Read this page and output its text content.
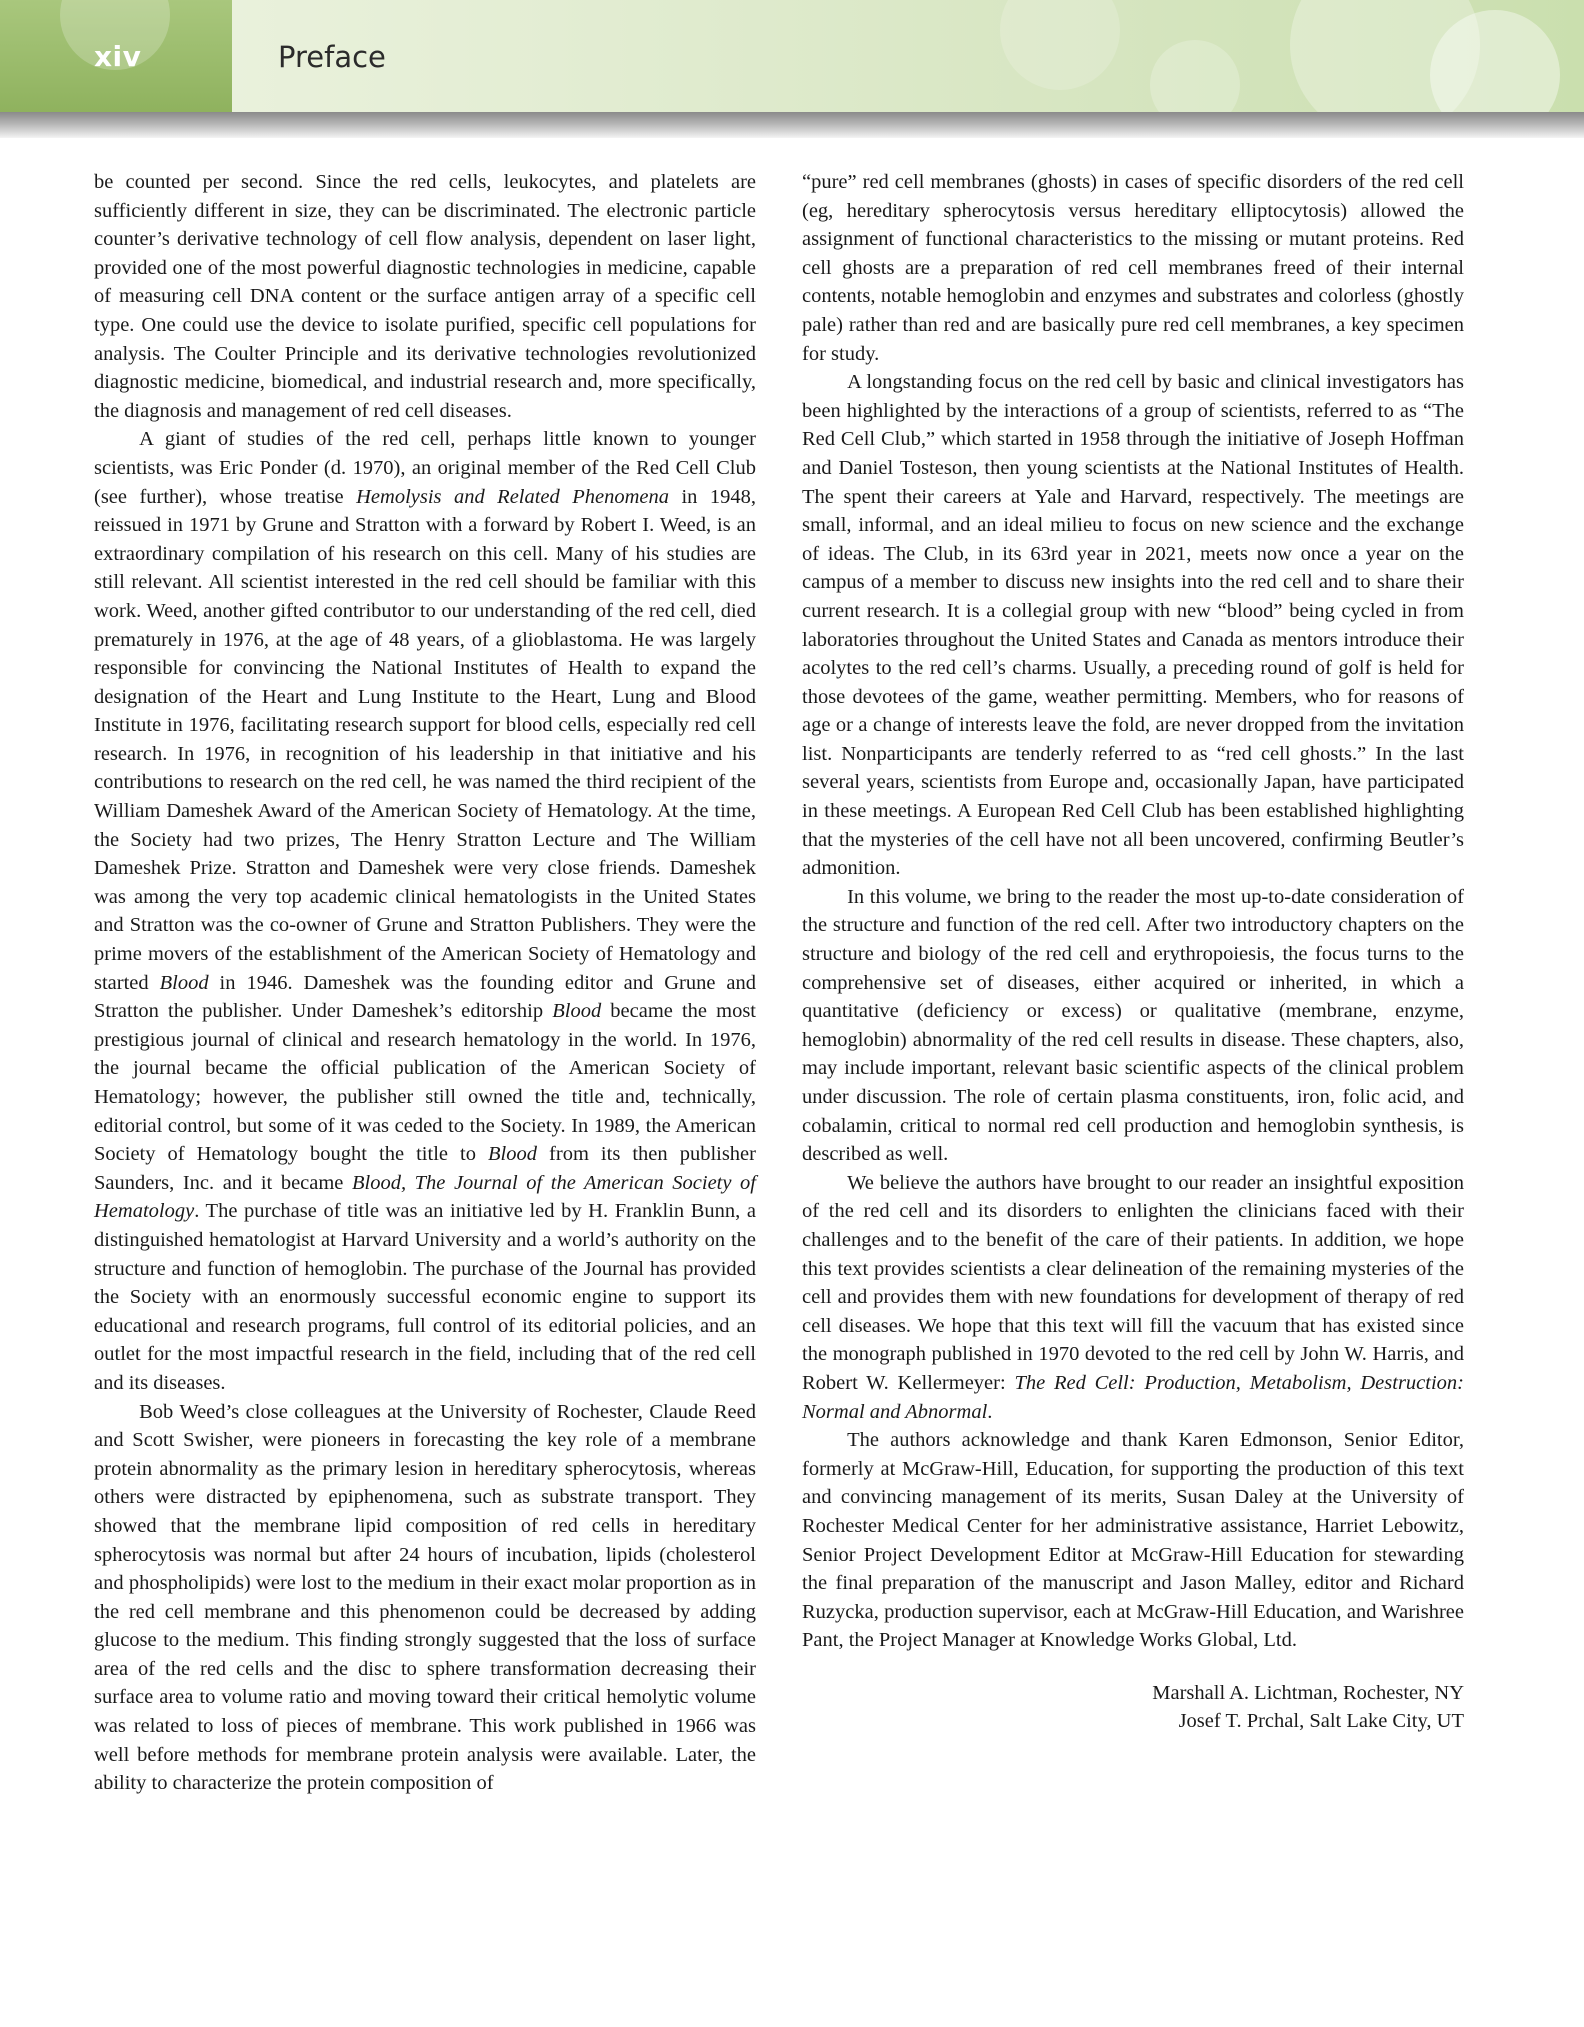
xiv	Preface

be counted per second. Since the red cells, leukocytes, and platelets are sufficiently different in size, they can be discriminated. The electronic particle counter’s derivative technology of cell flow analysis, dependent on laser light, provided one of the most powerful diagnostic technologies in medicine, capable of measuring cell DNA content or the surface antigen array of a specific cell type. One could use the device to isolate purified, specific cell populations for analysis. The Coulter Principle and its derivative technologies revolutionized diagnostic medicine, biomedical, and industrial research and, more specifically, the diagnosis and management of red cell diseases.

A giant of studies of the red cell, perhaps little known to younger scientists, was Eric Ponder (d. 1970), an original member of the Red Cell Club (see further), whose treatise Hemolysis and Related Phenomena in 1948, reissued in 1971 by Grune and Stratton with a forward by Robert I. Weed, is an extraordinary compilation of his research on this cell. Many of his studies are still relevant. All scientist interested in the red cell should be familiar with this work. Weed, another gifted contributor to our understanding of the red cell, died prematurely in 1976, at the age of 48 years, of a glioblastoma. He was largely responsible for convincing the National Institutes of Health to expand the designation of the Heart and Lung Institute to the Heart, Lung and Blood Institute in 1976, facilitating research support for blood cells, especially red cell research. In 1976, in recognition of his leadership in that initiative and his contributions to research on the red cell, he was named the third recipient of the William Dameshek Award of the American Society of Hematology. At the time, the Society had two prizes, The Henry Stratton Lecture and The William Dameshek Prize. Stratton and Dameshek were very close friends. Dameshek was among the very top academic clinical hematologists in the United States and Stratton was the co-owner of Grune and Stratton Publishers. They were the prime movers of the establishment of the American Society of Hematology and started Blood in 1946. Dameshek was the founding editor and Grune and Stratton the publisher. Under Dameshek’s editorship Blood became the most prestigious journal of clinical and research hematology in the world. In 1976, the journal became the official publication of the American Society of Hematology; however, the publisher still owned the title and, technically, editorial control, but some of it was ceded to the Society. In 1989, the American Society of Hematology bought the title to Blood from its then publisher Saunders, Inc. and it became Blood, The Journal of the American Society of Hematology. The purchase of title was an initiative led by H. Franklin Bunn, a distinguished hematologist at Harvard University and a world’s authority on the structure and function of hemoglobin. The purchase of the Journal has provided the Society with an enormously successful economic engine to support its educational and research programs, full control of its editorial policies, and an outlet for the most impactful research in the field, including that of the red cell and its diseases.

Bob Weed’s close colleagues at the University of Rochester, Claude Reed and Scott Swisher, were pioneers in forecasting the key role of a membrane protein abnormality as the primary lesion in hereditary spherocytosis, whereas others were distracted by epiphenomena, such as substrate transport. They showed that the membrane lipid composition of red cells in hereditary spherocytosis was normal but after 24 hours of incubation, lipids (cholesterol and phospholipids) were lost to the medium in their exact molar proportion as in the red cell membrane and this phenomenon could be decreased by adding glucose to the medium. This finding strongly suggested that the loss of surface area of the red cells and the disc to sphere transformation decreasing their surface area to volume ratio and moving toward their critical hemolytic volume was related to loss of pieces of membrane. This work published in 1966 was well before methods for membrane protein analysis were available. Later, the ability to characterize the protein composition of

“pure” red cell membranes (ghosts) in cases of specific disorders of the red cell (eg, hereditary spherocytosis versus hereditary elliptocytosis) allowed the assignment of functional characteristics to the missing or mutant proteins. Red cell ghosts are a preparation of red cell membranes freed of their internal contents, notable hemoglobin and enzymes and substrates and colorless (ghostly pale) rather than red and are basically pure red cell membranes, a key specimen for study.

A longstanding focus on the red cell by basic and clinical investigators has been highlighted by the interactions of a group of scientists, referred to as “The Red Cell Club,” which started in 1958 through the initiative of Joseph Hoffman and Daniel Tosteson, then young scientists at the National Institutes of Health. The spent their careers at Yale and Harvard, respectively. The meetings are small, informal, and an ideal milieu to focus on new science and the exchange of ideas. The Club, in its 63rd year in 2021, meets now once a year on the campus of a member to discuss new insights into the red cell and to share their current research. It is a collegial group with new “blood” being cycled in from laboratories throughout the United States and Canada as mentors introduce their acolytes to the red cell’s charms. Usually, a preceding round of golf is held for those devotees of the game, weather permitting. Members, who for reasons of age or a change of interests leave the fold, are never dropped from the invitation list. Nonparticipants are tenderly referred to as “red cell ghosts.” In the last several years, scientists from Europe and, occasionally Japan, have participated in these meetings. A European Red Cell Club has been established highlighting that the mysteries of the cell have not all been uncovered, confirming Beutler’s admonition.

In this volume, we bring to the reader the most up-to-date consideration of the structure and function of the red cell. After two introductory chapters on the structure and biology of the red cell and erythropoiesis, the focus turns to the comprehensive set of diseases, either acquired or inherited, in which a quantitative (deficiency or excess) or qualitative (membrane, enzyme, hemoglobin) abnormality of the red cell results in disease. These chapters, also, may include important, relevant basic scientific aspects of the clinical problem under discussion. The role of certain plasma constituents, iron, folic acid, and cobalamin, critical to normal red cell production and hemoglobin synthesis, is described as well.

We believe the authors have brought to our reader an insightful exposition of the red cell and its disorders to enlighten the clinicians faced with their challenges and to the benefit of the care of their patients. In addition, we hope this text provides scientists a clear delineation of the remaining mysteries of the cell and provides them with new foundations for development of therapy of red cell diseases. We hope that this text will fill the vacuum that has existed since the monograph published in 1970 devoted to the red cell by John W. Harris, and Robert W. Kellermeyer: The Red Cell: Production, Metabolism, Destruction: Normal and Abnormal.

The authors acknowledge and thank Karen Edmonson, Senior Editor, formerly at McGraw-Hill, Education, for supporting the production of this text and convincing management of its merits, Susan Daley at the University of Rochester Medical Center for her administrative assistance, Harriet Lebowitz, Senior Project Development Editor at McGraw-Hill Education for stewarding the final preparation of the manuscript and Jason Malley, editor and Richard Ruzycka, production supervisor, each at McGraw-Hill Education, and Warishree Pant, the Project Manager at Knowledge Works Global, Ltd.

Marshall A. Lichtman, Rochester, NY
Josef T. Prchal, Salt Lake City, UT
